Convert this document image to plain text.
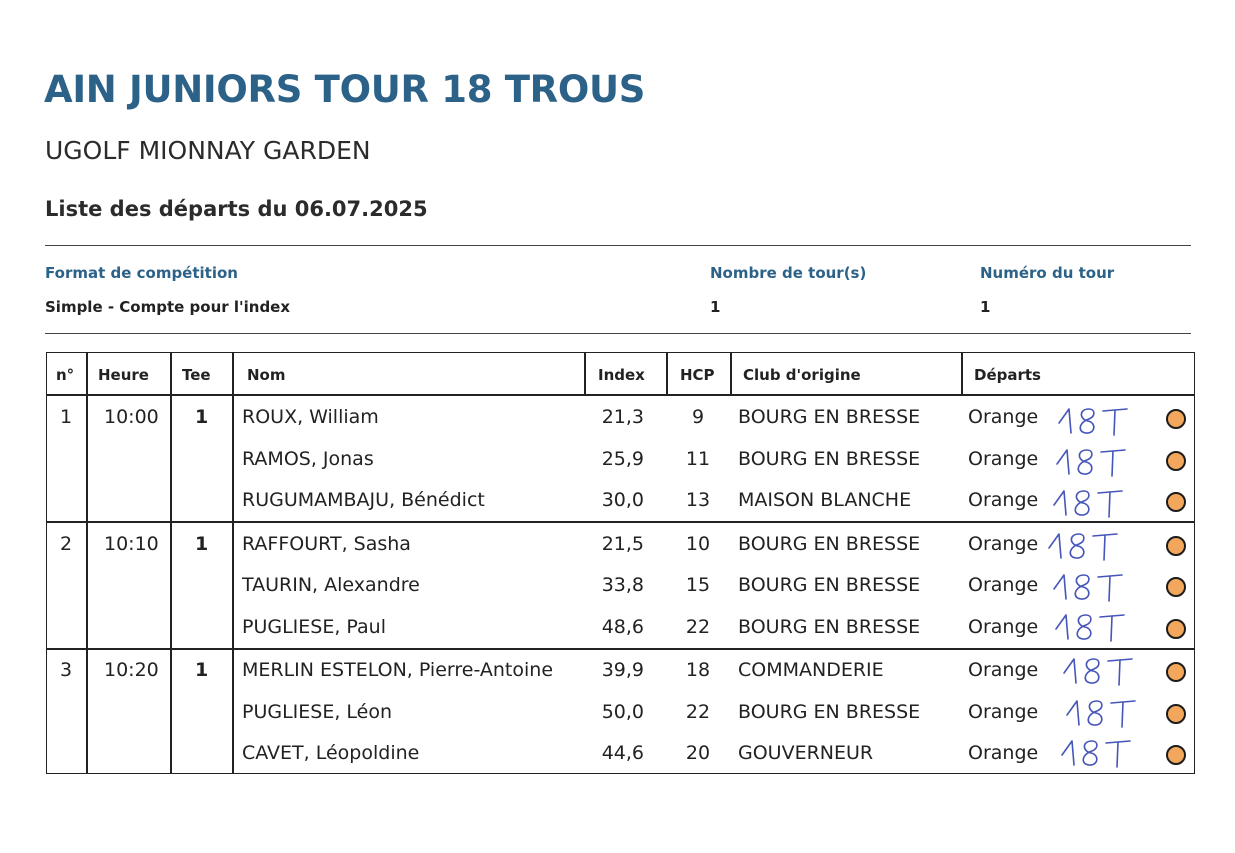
AIN JUNIORS TOUR 18 TROUS
UGOLF MIONNAY GARDEN
Liste des départs du 06.07.2025
Format de compétition
Simple - Compte pour l'index
Nombre de tour(s)
1
Numéro du tour
1
n° Heure Tee Nom	Index HCP Club d'origine	Départs
1 10:00 1 ROUX, William	21,3	9	BOURG EN BRESSE	Orange
RAMOS, Jonas	25,9	11	BOURG EN BRESSE	Orange
RUGUMAMBAJU, Bénédict	30,0	13	MAISON BLANCHE	Orange
2 10:10 1 RAFFOURT, Sasha	21,5	10	BOURG EN BRESSE	Orange
TAURIN, Alexandre	33,8	15	BOURG EN BRESSE	Orange
PUGLIESE, Paul	48,6	22	BOURG EN BRESSE	Orange
3 10:20 1 MERLIN ESTELON, Pierre-Antoine	39,9	18	COMMANDERIE	Orange
PUGLIESE, Léon	50,0	22	BOURG EN BRESSE	Orange
CAVET, Léopoldine	44,6	20	GOUVERNEUR	Orange
